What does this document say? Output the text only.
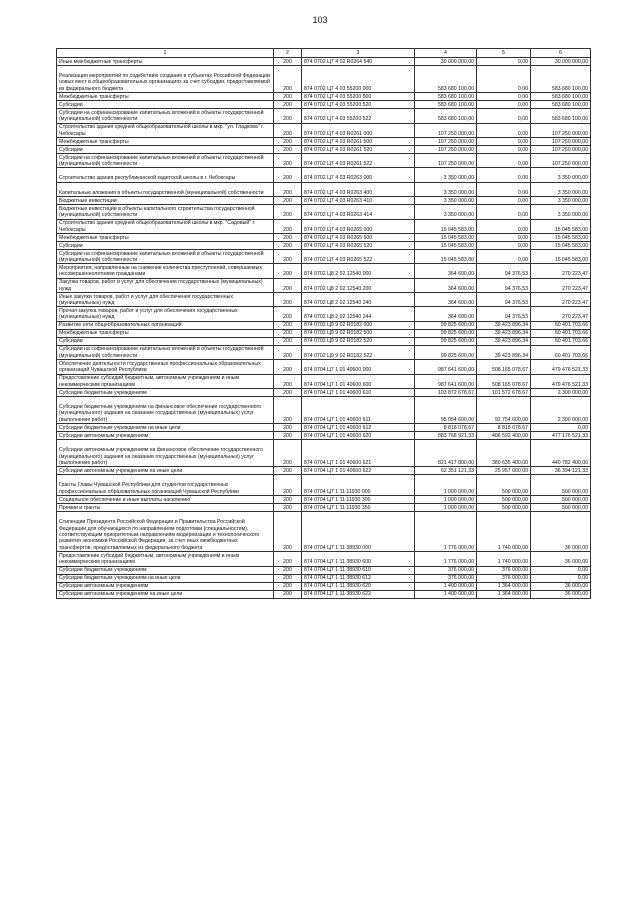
103
1	2	3	4	5	6
Иные межбюджетные трансферты	200	874 0702 Ц7 4 02 R0264 540	30 000 000,00	0,00	30 000 000,00
Реализация мероприятий по содействию создания в субъектах Российской Федерации новых мест в общеобразовательных организациях за счет субсидии, предоставляемой из федерального бюджета	200	874 0702 Ц7 4 03 55200 000	583 680 100,00	0,00	583 680 100,00
Межбюджетные трансферты	200	874 0702 Ц7 4 03 55200 500	583 680 100,00	0,00	583 680 100,00
Субсидии	200	874 0702 Ц7 4 03 55200 520	583 680 100,00	0,00	583 680 100,00
Субсидии на софинансирование капитальных вложений в объекты государственной (муниципальной) собственности	200	874 0702 Ц7 4 03 55200 522	583 680 100,00	0,00	583 680 100,00
Строительство здания средней общеобразовательной школы в мкр. "ул. Гладкова" г. Чебоксары	200	874 0702 Ц7 4 03 R0261 000	107 250 000,00	0,00	107 250 000,00
Межбюджетные трансферты	200	874 0702 Ц7 4 03 R0261 500	107 250 000,00	0,00	107 250 000,00
Субсидии	200	874 0702 Ц7 4 03 R0261 520	107 250 000,00	0,00	107 250 000,00
Субсидии на софинансирование капитальных вложений в объекты государственной (муниципальной) собственности	200	874 0702 Ц7 4 03 R0261 522	107 250 000,00	0,00	107 250 000,00
Строительство здания республиканской кадетской школы в г. Чебоксары	200	874 0702 Ц7 4 03 R0263 000	3 350 000,00	0,00	3 350 000,00
Капитальные вложения в объекты государственной (муниципальной) собственности	200	874 0702 Ц7 4 03 R0263 400	3 350 000,00	0,00	3 350 000,00
Бюджетные инвестиции	200	874 0702 Ц7 4 03 R0263 410	3 350 000,00	0,00	3 350 000,00
Бюджетные инвестиции в объекты капитального строительства государственной (муниципальной) собственности	200	874 0702 Ц7 4 03 R0263 414	3 350 000,00	0,00	3 350 000,00
Строительство здания средней общеобразовательной школы в мкр. "Садовый" г. Чебоксары	200	874 0702 Ц7 4 03 R0265 000	15 045 583,00	0,00	15 045 583,00
Межбюджетные трансферты	200	874 0702 Ц7 4 03 R0265 500	15 045 583,00	0,00	15 045 583,00
Субсидии	200	874 0702 Ц7 4 03 R0265 520	15 045 583,00	0,00	15 045 583,00
Субсидии на софинансирование капитальных вложений в объекты государственной (муниципальной) собственности	200	874 0702 Ц7 4 03 R0265 522	15 045 583,00	0,00	15 045 583,00
Мероприятия, направленные на снижение количества преступлений, совершаемых несовершеннолетними гражданами	200	874 0702 Ц8 2 02 12540 000	364 600,00	94 376,53	270 223,47
Закупка товаров, работ и услуг для обеспечения государственных (муниципальных) нужд	200	874 0702 Ц8 2 02 12540 200	364 600,00	94 376,53	270 223,47
Иные закупки товаров, работ и услуг для обеспечения государственных (муниципальных) нужд	200	874 0702 Ц8 2 02 12540 240	364 600,00	94 376,53	270 223,47
Прочая закупка товаров, работ и услуг для обеспечения государственных (муниципальных) нужд	200	874 0702 Ц8 2 02 12540 244	364 600,00	94 376,53	270 223,47
Развитие сети общеобразовательных организаций	200	874 0702 Ц9 9 02 R0182 000	99 825 600,00	39 423 896,34	60 401 703,66
Межбюджетные трансферты	200	874 0702 Ц9 9 02 R0182 500	99 825 600,00	39 423 896,34	60 401 703,66
Субсидии	200	874 0702 Ц9 9 02 R0182 520	99 825 600,00	39 423 896,34	60 401 703,66
Субсидии на софинансирование капитальных вложений в объекты государственной (муниципальной) собственности	200	874 0702 Ц9 9 02 R0182 522	99 825 600,00	39 423 896,34	60 401 703,66
Обеспечение деятельности государственных профессиональных образовательных организаций Чувашской Республики	200	874 0704 Ц7 1 01 40600 000	987 641 600,00	508 165 078,67	479 476 521,33
Предоставление субсидий бюджетным, автономным учреждениям и иным некоммерческим организациям	200	874 0704 Ц7 1 01 40600 600	987 641 600,00	508 165 078,67	479 476 521,33
Субсидии бюджетным учреждениям	200	874 0704 Ц7 1 01 40600 610	103 872 678,67	101 572 678,67	2 300 000,00
Субсидии бюджетным учреждениям на финансовое обеспечение государственного (муниципального) задания на оказание государственных (муниципальных) услуг (выполнение работ)	200	874 0704 Ц7 1 01 40600 611	95 054 600,00	92 754 600,00	2 300 000,00
Субсидии бюджетным учреждениям на иные цели	200	874 0704 Ц7 1 01 40600 612	8 818 078,67	8 818 078,67	0,00
Субсидии автономным учреждениям	200	874 0704 Ц7 1 01 40600 620	883 768 921,33	406 592 400,00	477 176 521,33
Субсидии автономным учреждениям на финансовое обеспечение государственного (муниципального) задания на оказание государственных (муниципальных) услуг (выполнение работ)	200	874 0704 Ц7 1 01 40600 621	821 417 800,00	380 635 400,00	440 782 400,00
Субсидии автономным учреждениям на иные цели	200	874 0704 Ц7 1 01 40600 622	62 351 121,33	25 957 000,00	36 394 121,33
Гранты Главы Чувашской Республики для студентов государственных профессиональных образовательных организаций Чувашской Республики	200	874 0704 Ц7 1 11 11930 000	1 000 000,00	500 000,00	500 000,00
Социальное обеспечение и иные выплаты населению	200	874 0704 Ц7 1 11 11930 300	1 000 000,00	500 000,00	500 000,00
Премии и гранты	200	874 0704 Ц7 1 11 11930 350	1 000 000,00	500 000,00	500 000,00
Стипендии Президента Российской Федерации и Правительства Российской Федерации для обучающихся по направлениям подготовки (специальностям), соответствующим приоритетным направлениям модернизации и технологического развития экономики Российской Федерации, за счет иных межбюджетных трансфертов, предоставляемых из федерального бюджета	200	874 0704 Ц7 1 11 38930 000	1 776 000,00	1 740 000,00	36 000,00
Предоставление субсидий бюджетным, автономным учреждениям и иным некоммерческим организациям	200	874 0704 Ц7 1 11 38930 600	1 776 000,00	1 740 000,00	36 000,00
Субсидии бюджетным учреждениям	200	874 0704 Ц7 1 11 38930 610	376 000,00	376 000,00	0,00
Субсидии бюджетным учреждениям на иные цели	200	874 0704 Ц7 1 11 38930 612	376 000,00	376 000,00	0,00
Субсидии автономным учреждениям	200	874 0704 Ц7 1 11 38930 620	1 400 000,00	1 364 000,00	36 000,00
Субсидии автономным учреждениям на иные цели	200	874 0704 Ц7 1 11 38930 622	1 400 000,00	1 364 000,00	36 000,00
